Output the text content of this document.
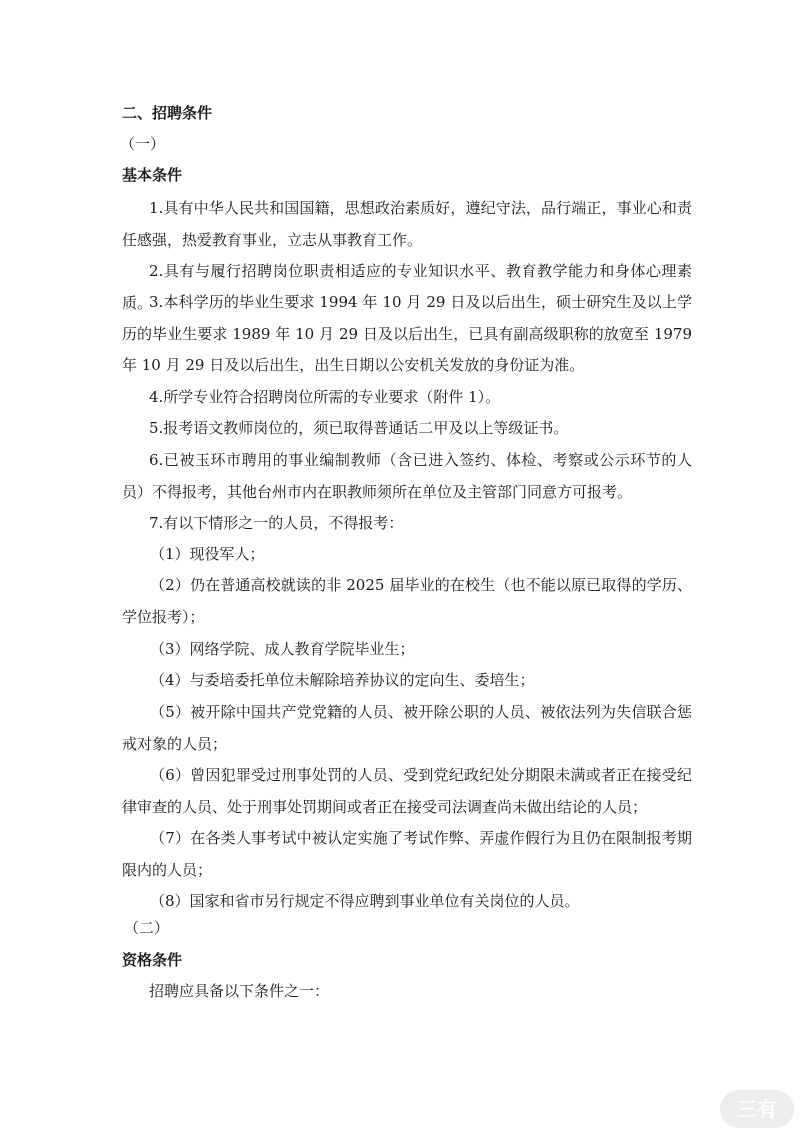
二、招聘条件
（一）
基本条件
1.具有中华人民共和国国籍，思想政治素质好，遵纪守法，品行端正，事业心和责任感强，热爱教育事业，立志从事教育工作。
2.具有与履行招聘岗位职责相适应的专业知识水平、教育教学能力和身体心理素质。
3.本科学历的毕业生要求 1994 年 10 月 29 日及以后出生，硕士研究生及以上学历的毕业生要求 1989 年 10 月 29 日及以后出生，已具有副高级职称的放宽至 1979 年 10 月 29 日及以后出生，出生日期以公安机关发放的身份证为准。
4.所学专业符合招聘岗位所需的专业要求（附件 1）。
5.报考语文教师岗位的，须已取得普通话二甲及以上等级证书。
6.已被玉环市聘用的事业编制教师（含已进入签约、体检、考察或公示环节的人员）不得报考，其他台州市内在职教师须所在单位及主管部门同意方可报考。
7.有以下情形之一的人员，不得报考：
（1）现役军人；
（2）仍在普通高校就读的非 2025 届毕业的在校生（也不能以原已取得的学历、学位报考）；
（3）网络学院、成人教育学院毕业生；
（4）与委培委托单位未解除培养协议的定向生、委培生；
（5）被开除中国共产党党籍的人员、被开除公职的人员、被依法列为失信联合惩戒对象的人员；
（6）曾因犯罪受过刑事处罚的人员、受到党纪政纪处分期限未满或者正在接受纪律审查的人员、处于刑事处罚期间或者正在接受司法调查尚未做出结论的人员；
（7）在各类人事考试中被认定实施了考试作弊、弄虚作假行为且仍在限制报考期限内的人员；
（8）国家和省市另行规定不得应聘到事业单位有关岗位的人员。
（二）
资格条件
招聘应具备以下条件之一：
三有
